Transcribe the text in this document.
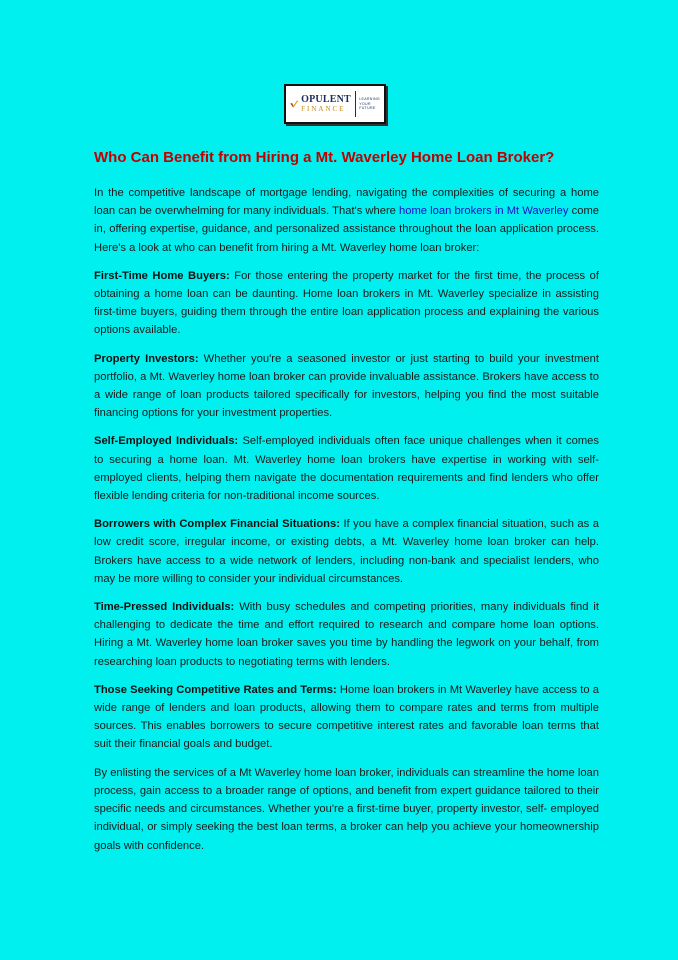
OPULENT
FINANCE
LEARNING
YOUR
FUTURE
Who Can Benefit from Hiring a Mt. Waverley Home Loan Broker?

In the competitive landscape of mortgage lending, navigating the complexities of securing a home loan can be overwhelming for many individuals. That's where home loan brokers in Mt Waverley come in, offering expertise, guidance, and personalized assistance throughout the loan application process. Here's a look at who can benefit from hiring a Mt. Waverley home loan broker:

First-Time Home Buyers: For those entering the property market for the first time, the process of obtaining a home loan can be daunting. Home loan brokers in Mt. Waverley specialize in assisting first-time buyers, guiding them through the entire loan application process and explaining the various options available.

Property Investors: Whether you're a seasoned investor or just starting to build your investment portfolio, a Mt. Waverley home loan broker can provide invaluable assistance. Brokers have access to a wide range of loan products tailored specifically for investors, helping you find the most suitable financing options for your investment properties.

Self-Employed Individuals: Self-employed individuals often face unique challenges when it comes to securing a home loan. Mt. Waverley home loan brokers have expertise in working with self- employed clients, helping them navigate the documentation requirements and find lenders who offer flexible lending criteria for non-traditional income sources.

Borrowers with Complex Financial Situations: If you have a complex financial situation, such as a low credit score, irregular income, or existing debts, a Mt. Waverley home loan broker can help. Brokers have access to a wide network of lenders, including non-bank and specialist lenders, who may be more willing to consider your individual circumstances.

Time-Pressed Individuals: With busy schedules and competing priorities, many individuals find it challenging to dedicate the time and effort required to research and compare home loan options. Hiring a Mt. Waverley home loan broker saves you time by handling the legwork on your behalf, from researching loan products to negotiating terms with lenders.

Those Seeking Competitive Rates and Terms: Home loan brokers in Mt Waverley have access to a wide range of lenders and loan products, allowing them to compare rates and terms from multiple sources. This enables borrowers to secure competitive interest rates and favorable loan terms that suit their financial goals and budget.

By enlisting the services of a Mt Waverley home loan broker, individuals can streamline the home loan process, gain access to a broader range of options, and benefit from expert guidance tailored to their specific needs and circumstances. Whether you're a first-time buyer, property investor, self- employed individual, or simply seeking the best loan terms, a broker can help you achieve your homeownership goals with confidence.
